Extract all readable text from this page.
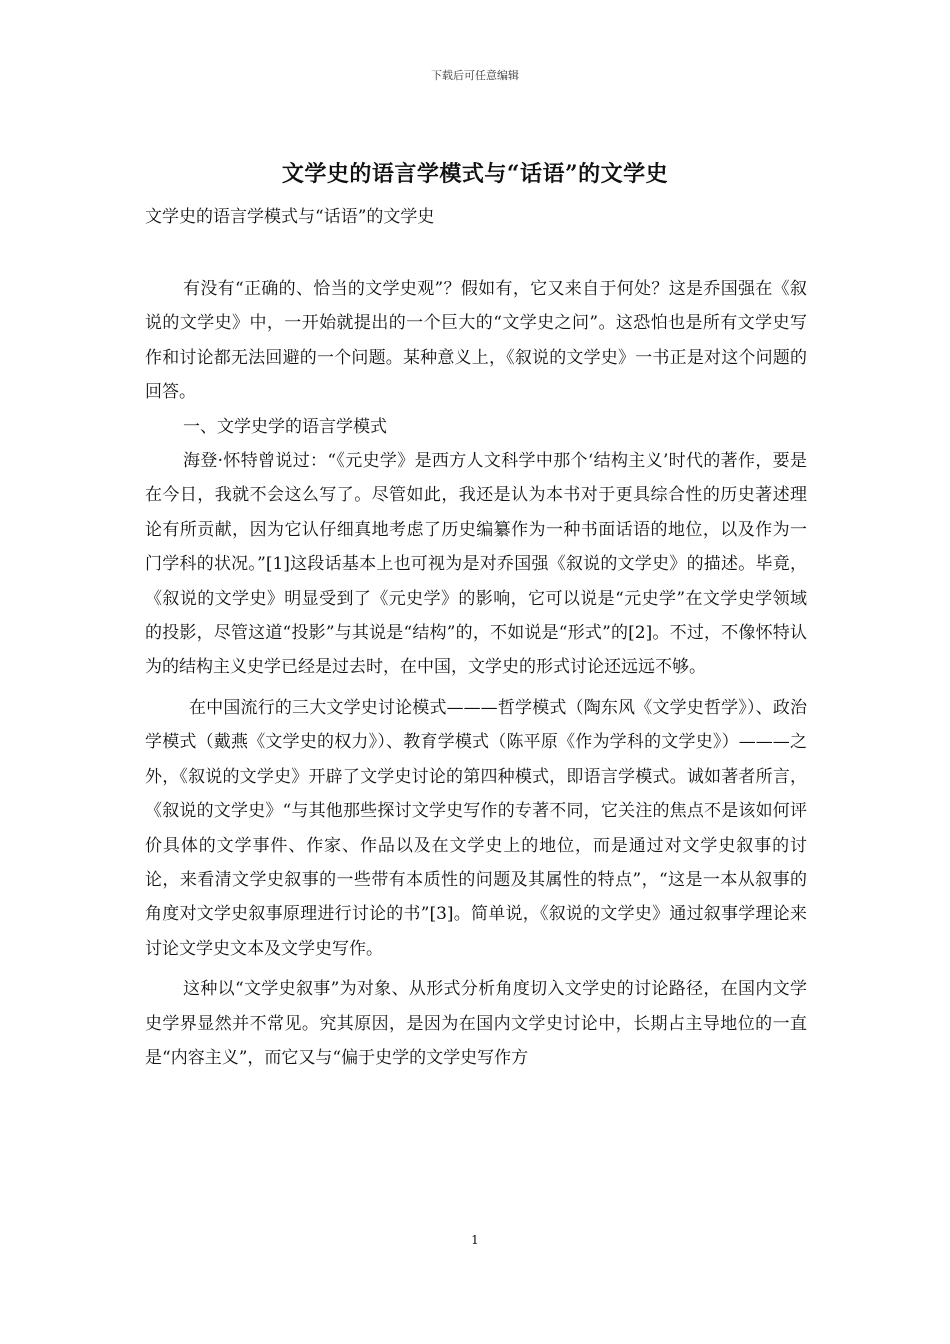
下载后可任意编辑
文学史的语言学模式与“话语”的文学史

文学史的语言学模式与“话语”的文学史

有没有“正确的、恰当的文学史观”？假如有，它又来自于何处？这是乔国强在《叙说的文学史》中，一开始就提出的一个巨大的“文学史之问”。这恐怕也是所有文学史写作和讨论都无法回避的一个问题。某种意义上，《叙说的文学史》一书正是对这个问题的回答。

一、文学史学的语言学模式

海登·怀特曾说过：“《元史学》是西方人文科学中那个‘结构主义’时代的著作，要是在今日，我就不会这么写了。尽管如此，我还是认为本书对于更具综合性的历史著述理论有所贡献，因为它认仔细真地考虑了历史编纂作为一种书面话语的地位，以及作为一门学科的状况。”[1]这段话基本上也可视为是对乔国强《叙说的文学史》的描述。毕竟，《叙说的文学史》明显受到了《元史学》的影响，它可以说是“元史学”在文学史学领域的投影，尽管这道“投影”与其说是“结构”的，不如说是“形式”的[2]。不过，不像怀特认为的结构主义史学已经是过去时，在中国，文学史的形式讨论还远远不够。

在中国流行的三大文学史讨论模式———哲学模式（陶东风《文学史哲学》）、政治学模式（戴燕《文学史的权力》）、教育学模式（陈平原《作为学科的文学史》）———之外，《叙说的文学史》开辟了文学史讨论的第四种模式，即语言学模式。诚如著者所言，《叙说的文学史》“与其他那些探讨文学史写作的专著不同，它关注的焦点不是该如何评价具体的文学事件、作家、作品以及在文学史上的地位，而是通过对文学史叙事的讨论，来看清文学史叙事的一些带有本质性的问题及其属性的特点”，“这是一本从叙事的角度对文学史叙事原理进行讨论的书”[3]。简单说，《叙说的文学史》通过叙事学理论来讨论文学史文本及文学史写作。

这种以“文学史叙事”为对象、从形式分析角度切入文学史的讨论路径，在国内文学史学界显然并不常见。究其原因，是因为在国内文学史讨论中，长期占主导地位的一直是“内容主义”，而它又与“偏于史学的文学史写作方

1
